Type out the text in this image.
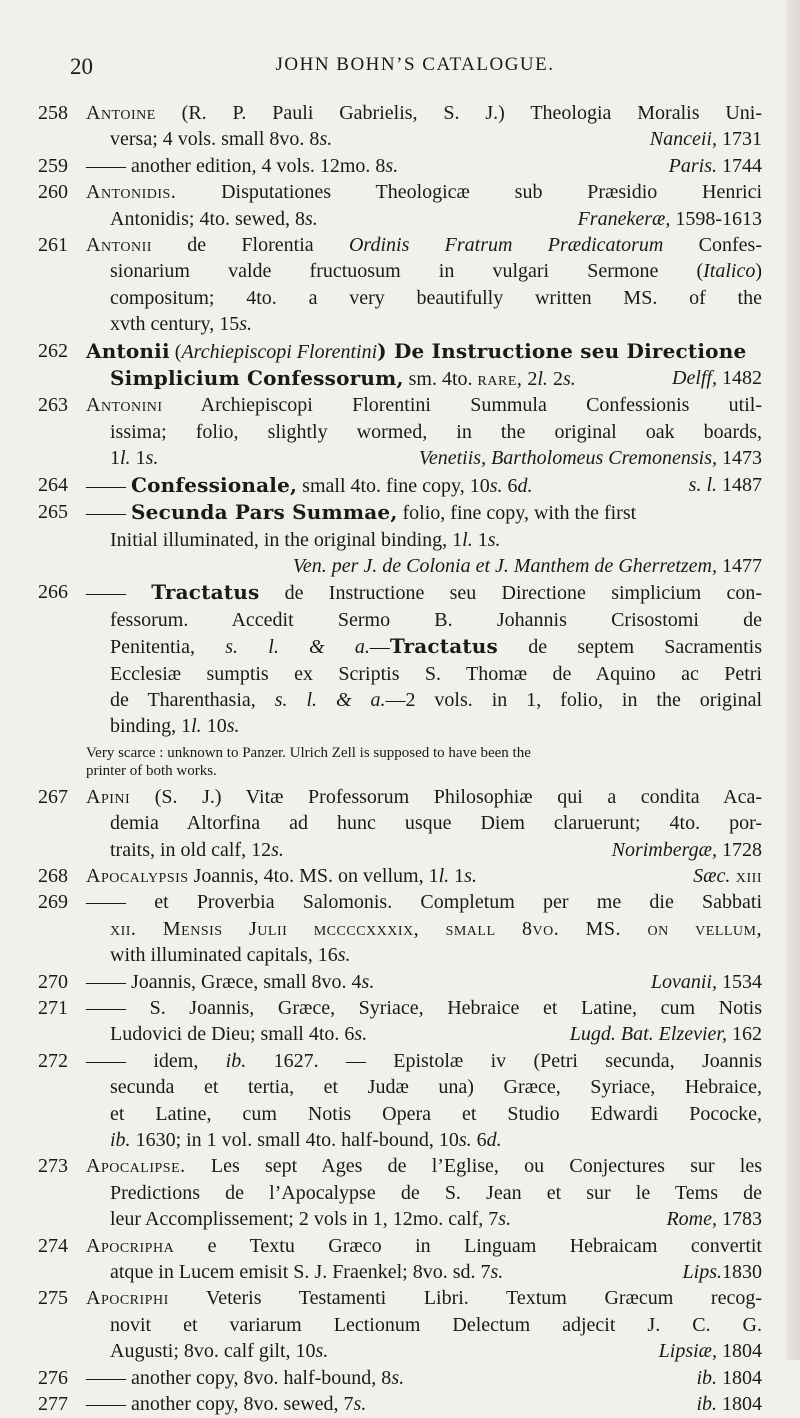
20	JOHN BOHN’S CATALOGUE.
258 Antoine (R. P. Pauli Gabrielis, S. J.) Theologia Moralis Uni-
versa; 4 vols. small 8vo. 8s.	Nanceii, 1731
259 —— another edition, 4 vols. 12mo. 8s.	Paris. 1744
260 Antonidis. Disputationes Theologicæ sub Præsidio Henrici
Antonidis; 4to. sewed, 8s.	Franekeræ, 1598-1613
261 Antonii de Florentia Ordinis Fratrum Prædicatorum Confes-
sionarium valde fructuosum in vulgari Sermone (Italico)
compositum; 4to. a very beautifully written MS. of the
xvth century, 15s.
262 Antonii (Archiepiscopi Florentini) De Instructione seu Directione
Simplicium Confessorum, sm. 4to. rare, 2l. 2s.	Delff, 1482
263 Antonini Archiepiscopi Florentini Summula Confessionis util-
issima; folio, slightly wormed, in the original oak boards,
1l. 1s.	Venetiis, Bartholomeus Cremonensis, 1473
264 —— Confessionale, small 4to. fine copy, 10s. 6d.	s. l. 1487
265 —— Secunda Pars Summae, folio, fine copy, with the first
Initial illuminated, in the original binding, 1l. 1s.
Ven. per J. de Colonia et J. Manthem de Gherretzem, 1477
266 —— Tractatus de Instructione seu Directione simplicium con-
fessorum. Accedit Sermo B. Johannis Crisostomi de
Penitentia, s. l. & a.—Tractatus de septem Sacramentis
Ecclesiæ sumptis ex Scriptis S. Thomæ de Aquino ac Petri
de Tharenthasia, s. l. & a.—2 vols. in 1, folio, in the original
binding, 1l. 10s.
Very scarce : unknown to Panzer. Ulrich Zell is supposed to have been the
printer of both works.
267 Apini (S. J.) Vitæ Professorum Philosophiæ qui a condita Aca-
demia Altorfina ad hunc usque Diem claruerunt; 4to. por-
traits, in old calf, 12s.	Norimbergæ, 1728
268 Apocalypsis Joannis, 4to. MS. on vellum, 1l. 1s.	Sæc. xiii
269 —— et Proverbia Salomonis. Completum per me die Sabbati
xii. Mensis Julii mccccxxxix, small 8vo. MS. on vellum,
with illuminated capitals, 16s.
270 —— Joannis, Græce, small 8vo. 4s.	Lovanii, 1534
271 —— S. Joannis, Græce, Syriace, Hebraice et Latine, cum Notis
Ludovici de Dieu; small 4to. 6s.	Lugd. Bat. Elzevier, 162
272 —— idem, ib. 1627. — Epistolæ iv (Petri secunda, Joannis
secunda et tertia, et Judæ una) Græce, Syriace, Hebraice,
et Latine, cum Notis Opera et Studio Edwardi Pococke,
ib. 1630; in 1 vol. small 4to. half-bound, 10s. 6d.
273 Apocalipse. Les sept Ages de l’Eglise, ou Conjectures sur les
Predictions de l’Apocalypse de S. Jean et sur le Tems de
leur Accomplissement; 2 vols in 1, 12mo. calf, 7s.	Rome, 1783
274 Apocripha e Textu Græco in Linguam Hebraicam convertit
atque in Lucem emisit S. J. Fraenkel; 8vo. sd. 7s.	Lips.1830
275 Apocriphi Veteris Testamenti Libri. Textum Græcum recog-
novit et variarum Lectionum Delectum adjecit J. C. G.
Augusti; 8vo. calf gilt, 10s.	Lipsiæ, 1804
276 —— another copy, 8vo. half-bound, 8s.	ib. 1804
277 —— another copy, 8vo. sewed, 7s.	ib. 1804
